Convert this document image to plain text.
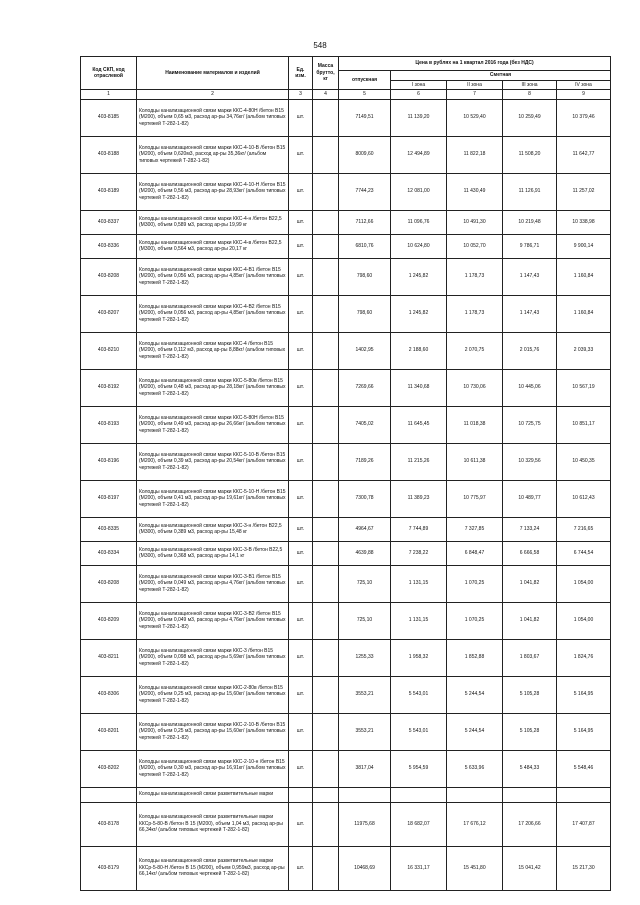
548
Код СКП, код отраслевой	Наименование материалов и изделий	Ед. изм.	Масса брутто, кг	Цена в рублях на 1 квартал 2016 года (без НДС)				
				отпускная	Сметная			
					I зона	II зона	III зона	IV зона
1	2	3	4	5	6	7	8	9
403-8185	Колодцы канализационной связи марки ККС-4-80Н /бетон В15 (М200), объем 0,65 м3, расход ар-ры 34,76кг/ (альбом типовых чертежей Т-282-1-82)	шт.		7149,51	11 139,20	10 529,40	10 259,49	10 379,46
403-8188	Колодцы канализационной связи марки ККС-4-10-В /бетон В15 (М200), объем 0,620м3, расход ар-ры 35,36кг/ (альбом типовых чертежей Т-282-1-82)	шт.		8009,60	12 494,89	11 822,18	11 508,20	11 642,77
403-8189	Колодцы канализационной связи марки ККС-4-10-Н /бетон В15 (М200), объем 0,56 м3, расход ар-ры 28,93кг/ (альбом типовых чертежей Т-282-1-82)	шт.		7744,23	12 081,00	11 430,49	11 126,91	11 257,02
403-8337	Колодцы канализационной связи марки ККС-4-н /бетон В22,5 (М300), объем 0,589 м3, расход ар-ры 19,99 кг	шт.		7112,66	11 096,76	10 491,30	10 219,48	10 338,98
403-8336	Колодцы канализационной связи марки ККС-4-в /бетон В22,5 (М300), объем 0,564 м3, расход ар-ры 20,17 кг	шт.		6810,76	10 624,80	10 052,70	9 786,71	9 900,14
403-8208	Колодцы канализационной связи марки ККС-4-В1 /бетон В15 (М200), объем 0,056 м3, расход ар-ры 4,85кг/ (альбом типовых чертежей Т-282-1-82)	шт.		798,60	1 245,82	1 178,73	1 147,43	1 160,84
403-8207	Колодцы канализационной связи марки ККС-4-В2 /бетон В15 (М200), объем 0,056 м3, расход ар-ры 4,85кг/ (альбом типовых чертежей Т-282-1-82)	шт.		798,60	1 245,82	1 178,73	1 147,43	1 160,84
403-8210	Колодцы канализационной связи марки ККС-4 /бетон В15 (М200), объем 0,112 м3, расход ар-ры 8,88кг/ (альбом типовых чертежей Т-282-1-82)	шт.		1402,95	2 188,60	2 070,75	2 015,76	2 039,33
403-8192	Колодцы канализационной связи марки ККС-5-80в /бетон В15 (М200), объем 0,48 м3, расход ар-ры 28,18кг/ (альбом типовых чертежей Т-282-1-82)	шт.		7269,66	11 340,68	10 730,06	10 445,06	10 567,19
403-8193	Колодцы канализационной связи марки ККС-5-80Н /бетон В15 (М200), объем 0,49 м3, расход ар-ры 26,66кг/ (альбом типовых чертежей Т-282-1-82)	шт.		7405,02	11 645,45	11 018,38	10 725,75	10 851,17
403-8196	Колодцы канализационной связи марки ККС-5-10-В /бетон В15 (М200), объем 0,39 м3, расход ар-ры 20,54кг/ (альбом типовых чертежей Т-282-1-82)	шт.		7189,26	11 215,26	10 611,38	10 329,56	10 450,35
403-8197	Колодцы канализационной связи марки ККС-5-10-Н /бетон В15 (М200), объем 0,41 м3, расход ар-ры 19,61кг/ (альбом типовых чертежей Т-282-1-82)	шт.		7300,78	11 389,23	10 775,97	10 489,77	10 612,43
403-8335	Колодцы канализационной связи марки ККС-3-н /бетон В22,5 (М300), объем 0,389 м3, расход ар-ры 15,48 кг	шт.		4964,67	7 744,89	7 327,85	7 133,24	7 216,65
403-8334	Колодцы канализационной связи марки ККС-3-В /бетон В22,5 (М300), объем 0,368 м3, расход ар-ры 14,1 кг	шт.		4639,88	7 238,22	6 848,47	6 666,58	6 744,54
403-8208	Колодцы канализационной связи марки ККС-3-В1 /бетон В15 (М200), объем 0,049 м3, расход ар-ры 4,76кг/ (альбом типовых чертежей Т-282-1-82)	шт.		725,10	1 131,15	1 070,25	1 041,82	1 054,00
403-8209	Колодцы канализационной связи марки ККС-3-В2 /бетон В15 (М200), объем 0,049 м3, расход ар-ры 4,76кг/ (альбом типовых чертежей Т-282-1-82)	шт.		725,10	1 131,15	1 070,25	1 041,82	1 054,00
403-8211	Колодцы канализационной связи марки ККС-3 /бетон В15 (М200), объем 0,098 м3, расход ар-ры 5,69кг/ (альбом типовых чертежей Т-282-1-82)	шт.		1255,33	1 958,32	1 852,88	1 803,67	1 824,76
403-8306	Колодцы канализационной связи марки ККС-2-80в /бетон В15 (М200), объем 0,25 м3, расход ар-ры 15,60кг/ (альбом типовых чертежей Т-282-1-82)	шт.		3553,21	5 543,01	5 244,54	5 105,28	5 164,95
403-8201	Колодцы канализационной связи марки ККС-2-10-В /бетон В15 (М200), объем 0,25 м3, расход ар-ры 15,60кг/ (альбом типовых чертежей Т-282-1-82)	шт.		3553,21	5 543,01	5 244,54	5 105,28	5 164,95
403-8202	Колодцы канализационной связи марки ККС-2-10-н /бетон В15 (М200), объем 0,30 м3, расход ар-ры 16,91кг/ (альбом типовых чертежей Т-282-1-82)	шт.		3817,04	5 954,59	5 633,96	5 484,33	5 548,46
	Колодцы канализационной связи разветвительные марки							
403-8178	Колодцы канализационной связи разветвительные марки ККСр-5-80-В /бетон В 15 (М200), объем 1,04 м3, расход ар-ры 66,34кг/ (альбом типовых чертежей Т-282-1-82)	шт.		11975,68	18 682,07	17 676,12	17 206,66	17 407,87
403-8179	Колодцы канализационной связи разветвительные марки ККСр-5-80-Н /бетон В 15 (М200), объем 0,959м3, расход ар-ры 66,14кг/ (альбом типовых чертежей Т-282-1-82)	шт.		10468,69	16 331,17	15 451,80	15 041,42	15 217,30
